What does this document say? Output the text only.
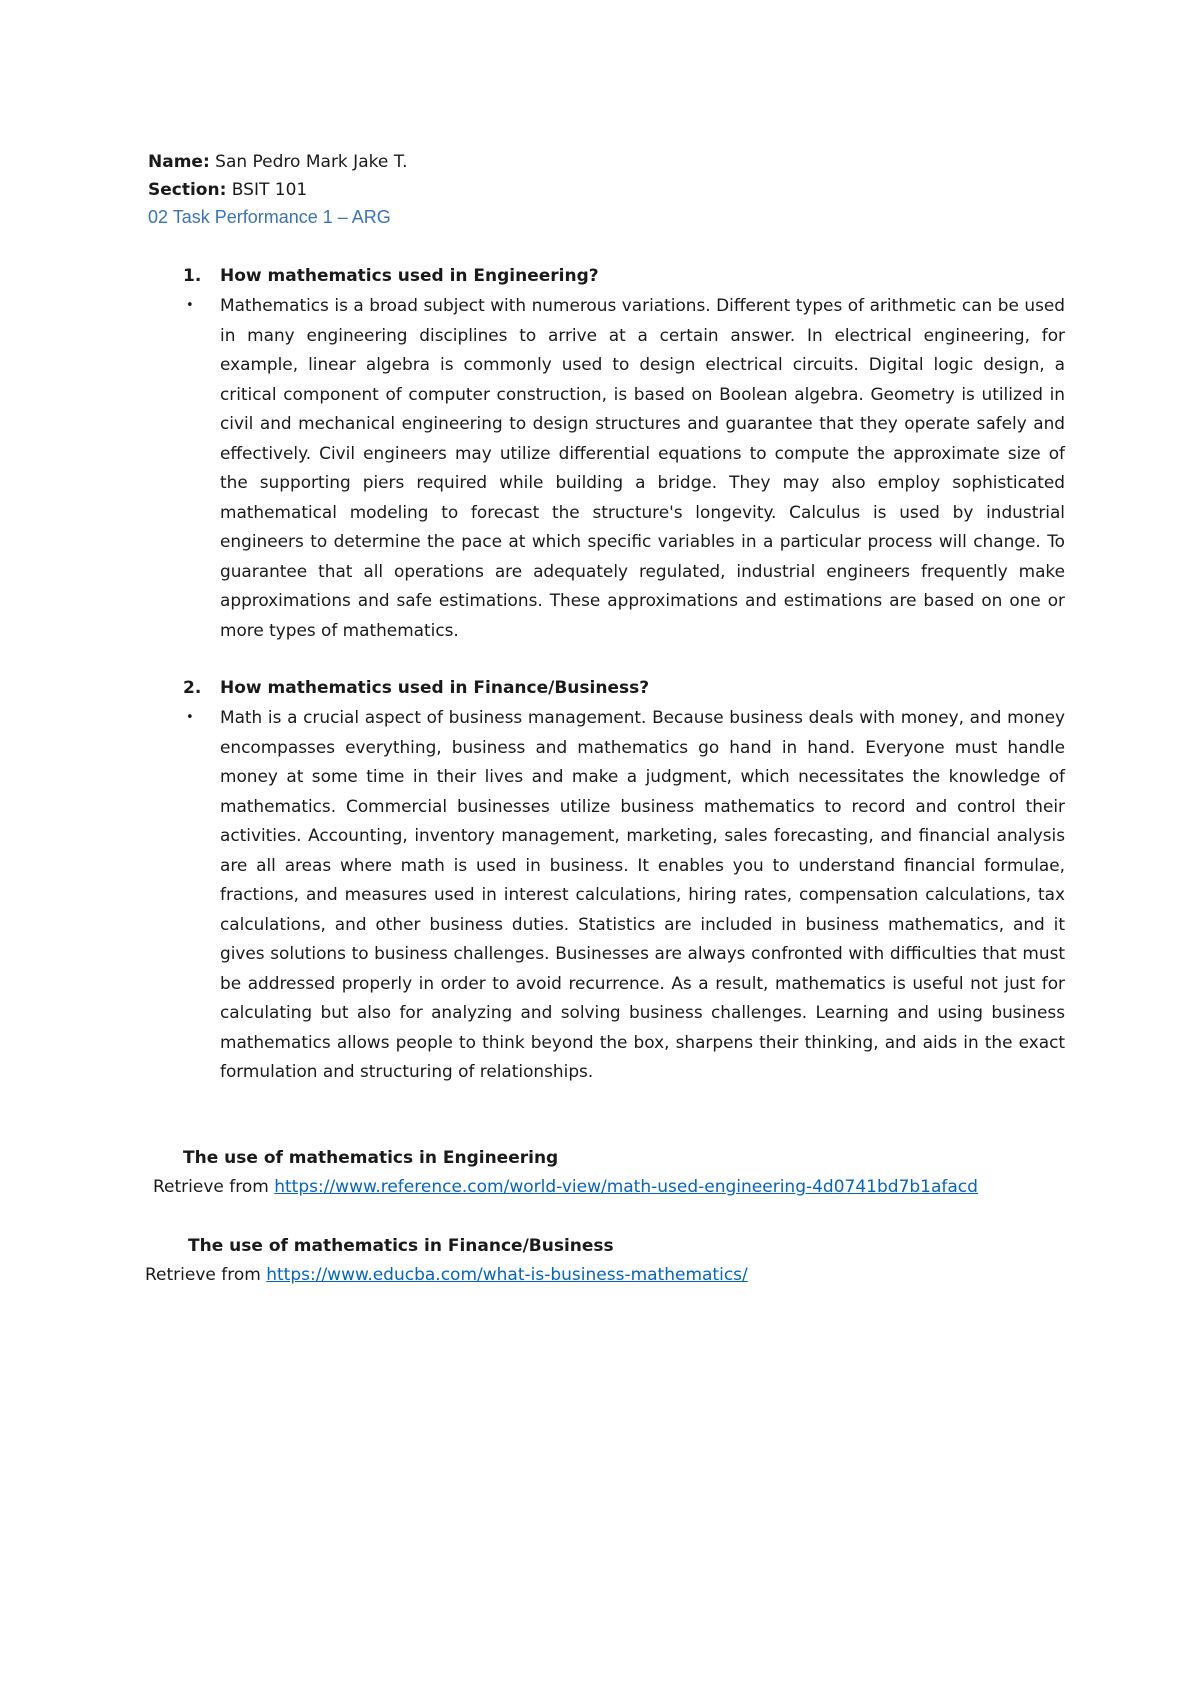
Name: San Pedro Mark Jake T.
Section: BSIT 101
02 Task Performance 1 – ARG
1. How mathematics used in Engineering?
• Mathematics is a broad subject with numerous variations. Different types of arithmetic can be used in many engineering disciplines to arrive at a certain answer. In electrical engineering, for example, linear algebra is commonly used to design electrical circuits. Digital logic design, a critical component of computer construction, is based on Boolean algebra. Geometry is utilized in civil and mechanical engineering to design structures and guarantee that they operate safely and effectively. Civil engineers may utilize differential equations to compute the approximate size of the supporting piers required while building a bridge. They may also employ sophisticated mathematical modeling to forecast the structure's longevity. Calculus is used by industrial engineers to determine the pace at which specific variables in a particular process will change. To guarantee that all operations are adequately regulated, industrial engineers frequently make approximations and safe estimations. These approximations and estimations are based on one or more types of mathematics.
2. How mathematics used in Finance/Business?
• Math is a crucial aspect of business management. Because business deals with money, and money encompasses everything, business and mathematics go hand in hand. Everyone must handle money at some time in their lives and make a judgment, which necessitates the knowledge of mathematics. Commercial businesses utilize business mathematics to record and control their activities. Accounting, inventory management, marketing, sales forecasting, and financial analysis are all areas where math is used in business. It enables you to understand financial formulae, fractions, and measures used in interest calculations, hiring rates, compensation calculations, tax calculations, and other business duties. Statistics are included in business mathematics, and it gives solutions to business challenges. Businesses are always confronted with difficulties that must be addressed properly in order to avoid recurrence. As a result, mathematics is useful not just for calculating but also for analyzing and solving business challenges. Learning and using business mathematics allows people to think beyond the box, sharpens their thinking, and aids in the exact formulation and structuring of relationships.
The use of mathematics in Engineering
Retrieve from https://www.reference.com/world-view/math-used-engineering-4d0741bd7b1afacd
The use of mathematics in Finance/Business
Retrieve from https://www.educba.com/what-is-business-mathematics/
